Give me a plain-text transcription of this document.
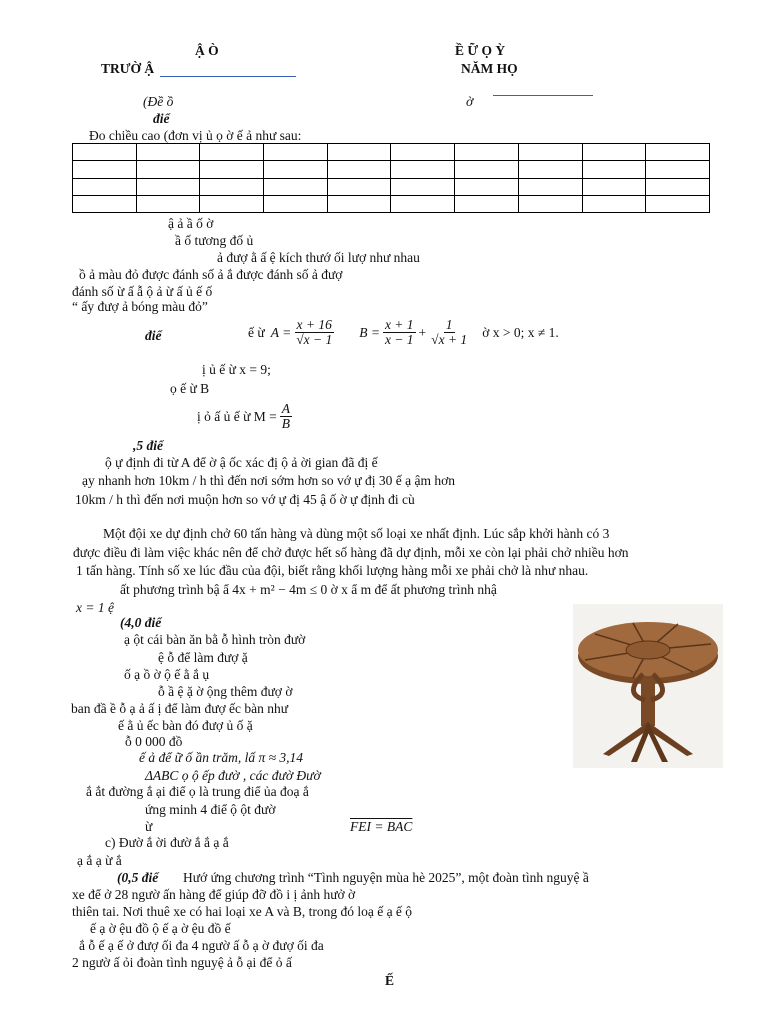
Ậ Ò
TRƯỜ Ậ
Ề Ữ Ọ Ỳ
NĂM HỌ
(Đề ồ	ờ
điể
Đo chiều cao (đơn vị ủ ọ ờ ế ả như sau:

ậ ả ầ ố ờ
ầ ố tương đố ủ
ả đượ ằ ấ ệ kích thướ ối lượ như nhau
ồ ả màu đỏ được đánh số ả ắ được đánh số ả đượ
đánh số ừ ấ ẫ ộ ả ừ ấ ủ ế ố
“ ấy đượ ả bóng màu đỏ”
điể	ế ừ $A = \frac{x + 16}{√x - 1}$ $B = \frac{x + 1}{x - 1} + \frac{1}{√x + 1}$ ờ x > 0; x ≠ 1.
ị ủ ế ừ x = 9;
ọ ế ừ B
ị ỏ ấ ủ ế ừ $M = \frac{A}{B}$
,5 điể
ộ ự định đi từ A để ờ ậ ốc xác đị ộ ả ời gian đã đị ế
ạy nhanh hơn 10km / h thì đến nơi sớm hơn so vớ ự đị 30 ế ạ ậm hơn
10km / h thì đến nơi muộn hơn so vớ ự đị 45 ậ ố ờ ự định đi cù
Một đội xe dự định chở 60 tấn hàng và dùng một số loại xe nhất định. Lúc sắp khởi hành có 3
được điều đi làm việc khác nên để chở được hết số hàng đã dự định, mỗi xe còn lại phải chở nhiều hơn
1 tấn hàng. Tính số xe lúc đầu của đội, biết rằng khối lượng hàng mỗi xe phải chở là như nhau.
ất phương trình bậ ẩ 4x + m² − 4m ≤ 0 ờ x ẩ m để ất phương trình nhậ
x = 1 ệ
(4,0 điể
ạ ột cái bàn ăn bằ ỗ hình tròn đườ
ệ ỗ để làm đượ ặ
ố ạ ồ ờ ộ ế ằ ắ ụ
ỗ ầ ệ ặ ờ ộng thêm đượ ờ
ban đầ ề ỗ ạ ả ấ ị để làm đượ ếc bàn như
ế ằ ủ ếc bàn đó đượ ủ ố ặ
ỗ 0 000 đồ
ế ả để ữ ố ần trăm, lấ π ≈ 3,14
ΔABC ọ ộ ếp đườ , các đườ Đườ
ắ ắt đường ắ ại điể ọ là trung điể ủa đoạ ắ
ứng minh 4 điể ộ ột đườ
ừ	FEI = BAC
c) Đườ ắ ời đườ ắ ắ ạ ắ
ạ ắ ạ ừ ắ
(0,5 điể Hướ ứng chương trình “Tình nguyện mùa hè 2025”, một đoàn tình nguyệ ầ
xe để ở 28 ngườ ấn hàng để giúp đỡ đồ i ị ảnh hưở ờ
thiên tai. Nơi thuê xe có hai loại xe A và B, trong đó loạ ế ạ ế ộ
ế ạ ờ ệu đồ ộ ế ạ ờ ệu đồ ế
ắ ỗ ế ạ ế ở đượ ối đa 4 ngườ ấ ỗ ạ ờ đượ ối đa
2 ngườ ấ ỏi đoàn tình nguyệ ả ỗ ại để ỏ ấ
Ế
